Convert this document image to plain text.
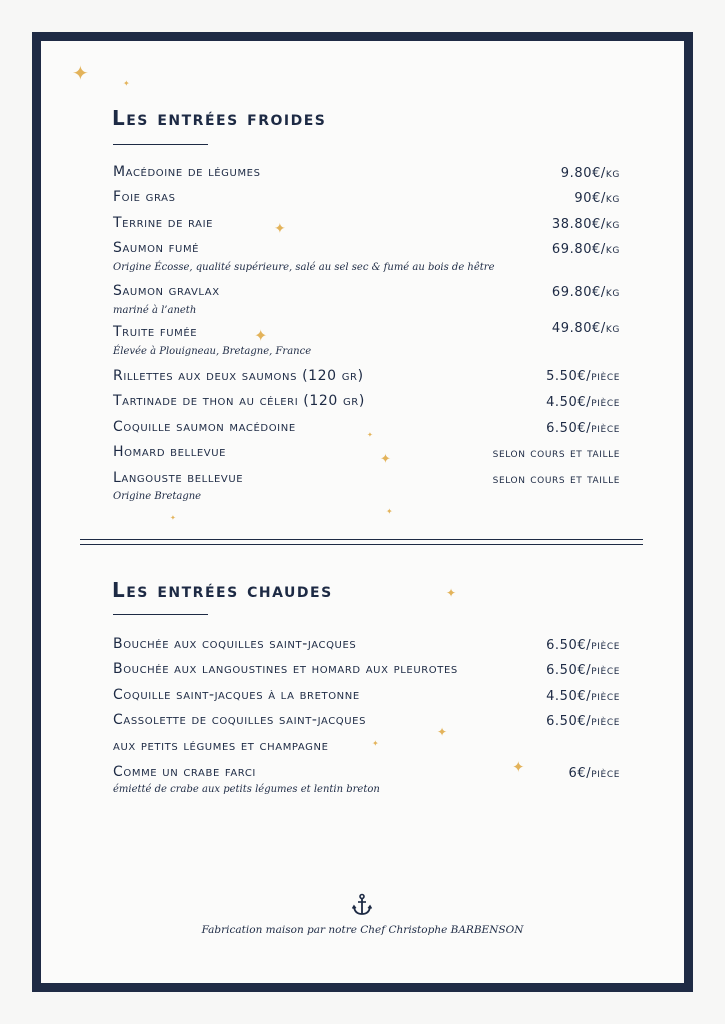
✦	✦
✦
✦
✦
✦
✦
✦
✦
✦
✦
✦
Les entrées froides
Macédoine de légumes	9.80€/kg
Foie gras	90€/kg
Terrine de raie	38.80€/kg
Saumon fumé	69.80€/kg
Origine Écosse, qualité supérieure, salé au sel sec & fumé au bois de hêtre
Saumon gravlax	69.80€/kg
mariné à l’aneth
Truite fumée	49.80€/kg
Élevée à Plouigneau, Bretagne, France
Rillettes aux deux saumons (120 gr)	5.50€/pièce
Tartinade de thon au céleri (120 gr)	4.50€/pièce
Coquille saumon macédoine	6.50€/pièce
Homard bellevue	selon cours et taille
Langouste bellevue	selon cours et taille
Origine Bretagne
Les entrées chaudes
Bouchée aux coquilles saint-jacques	6.50€/pièce
Bouchée aux langoustines et homard aux pleurotes	6.50€/pièce
Coquille saint-jacques à la bretonne	4.50€/pièce
Cassolette de coquilles saint-jacques	6.50€/pièce
aux petits légumes et champagne
Comme un crabe farci	6€/pièce
émietté de crabe aux petits légumes et lentin breton
Fabrication maison par notre Chef Christophe BARBENSON
